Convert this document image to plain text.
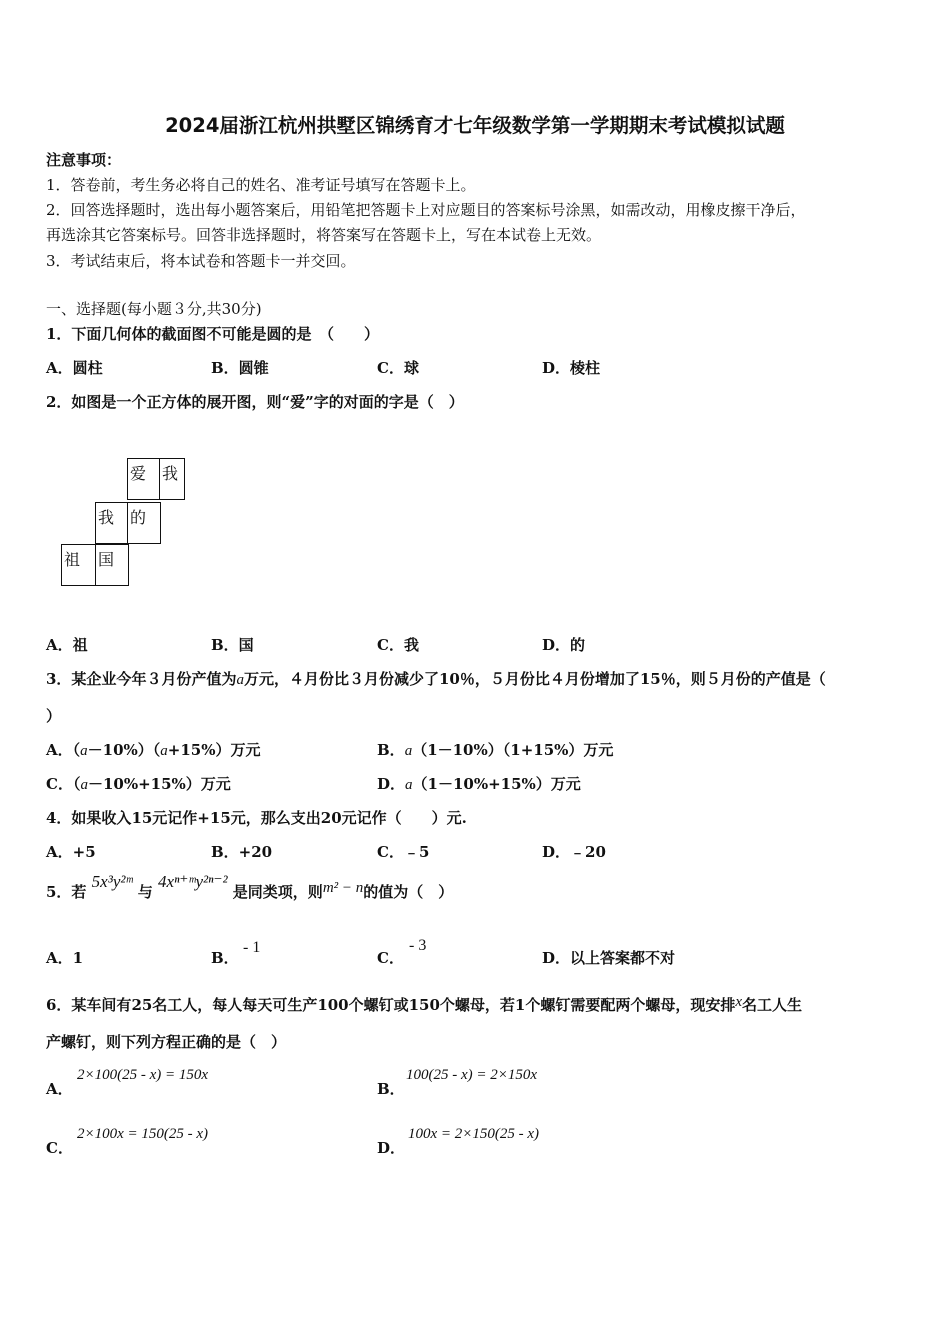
2024届浙江杭州拱墅区锦绣育才七年级数学第一学期期末考试模拟试题
注意事项：
1．答卷前，考生务必将自己的姓名、准考证号填写在答题卡上。
2．回答选择题时，选出每小题答案后，用铅笔把答题卡上对应题目的答案标号涂黑，如需改动，用橡皮擦干净后，
再选涂其它答案标号。回答非选择题时，将答案写在答题卡上，写在本试卷上无效。
3．考试结束后，将本试卷和答题卡一并交回。
一、选择题(每小题３分,共30分)
1．下面几何体的截面图不可能是圆的是　（　　）
A．圆柱	B．圆锥	C．球	D．棱柱
2．如图是一个正方体的展开图，则“爱”字的对面的字是（　）
爱 我
我 的
祖 国
A．祖	B．国	C．我	D．的
3．某企业今年３月份产值为a万元，４月份比３月份减少了10％，５月份比４月份增加了15％，则５月份的产值是（
）
A．（a－10%）（a+15%）万元	B．a（1－10%）（1+15%）万元
C．（a－10%+15%）万元	D．a（1－10%+15%）万元
4．如果收入15元记作+15元，那么支出20元记作（　　）元.
A．+5	B．+20	C．﹣5	D．﹣20
5．若 5x³y²ᵐ 与 4xⁿ⁺ᵐy²ⁿ⁻² 是同类项，则m² − n的值为（　）
A．1	B．
- 1
C．
- 3
D．以上答案都不对
6．某车间有25名工人，每人每天可生产100个螺钉或150个螺母，若1个螺钉需要配两个螺母，现安排x名工人生
产螺钉，则下列方程正确的是（　）
A．
2×100(25 - x) = 150x
B．
100(25 - x) = 2×150x
C．
2×100x = 150(25 - x)
D．
100x = 2×150(25 - x)
